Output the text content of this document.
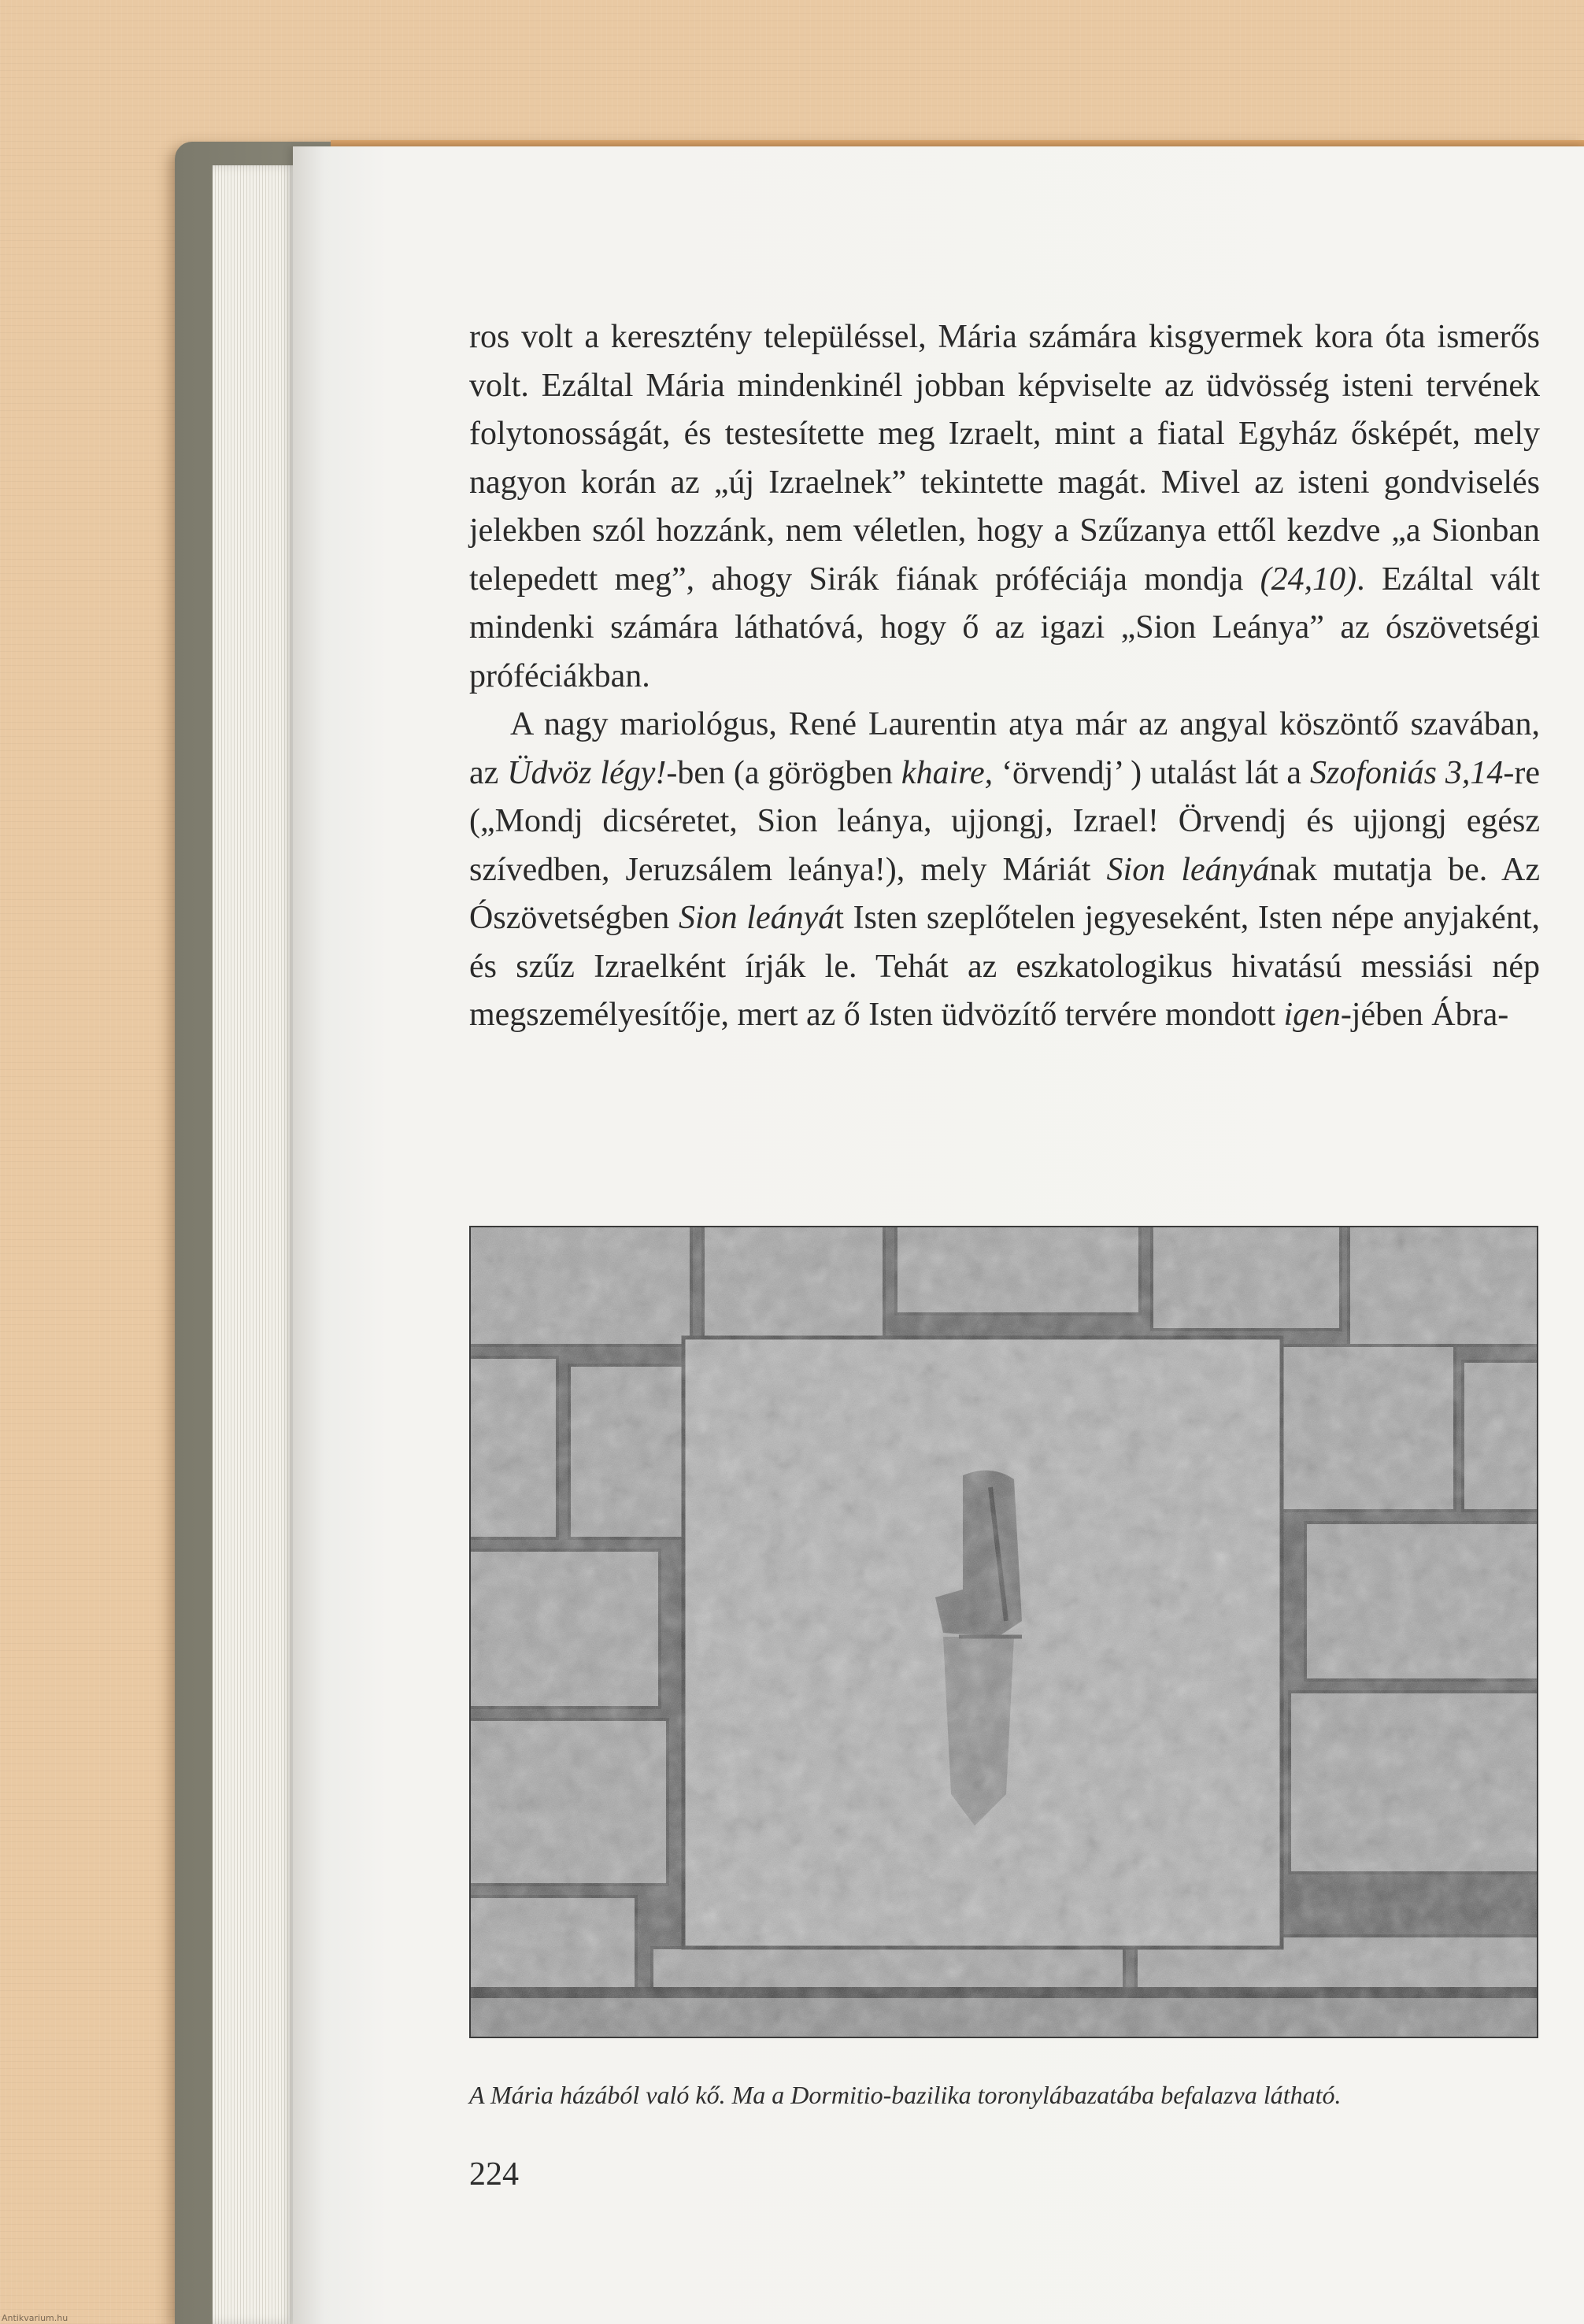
ros volt a keresztény településsel, Mária számára kisgyermek kora óta ismerős volt. Ezáltal Mária mindenkinél jobban képviselte az üdvösség isteni tervének folytonosságát, és testesítette meg Izraelt, mint a fiatal Egyház ősképét, mely nagyon korán az „új Izraelnek” tekintette magát. Mivel az isteni gondviselés jelekben szól hozzánk, nem véletlen, hogy a Szűzanya ettől kezdve „a Sionban telepedett meg”, ahogy Sirák fiának próféciája mondja (24,10). Ezáltal vált mindenki számára láthatóvá, hogy ő az igazi „Sion Leánya” az ószövetségi próféciákban.

A nagy mariológus, René Laurentin atya már az angyal köszöntő szavában, az Üdvöz légy!-ben (a görögben khaire, ‘örvendj’ ) utalást lát a Szofoniás 3,14-re („Mondj dicséretet, Sion leánya, ujjongj, Izrael! Örvendj és ujjongj egész szívedben, Jeruzsálem leánya!), mely Máriát Sion leányának mutatja be. Az Ószövetségben Sion leányát Isten szeplőtelen jegyeseként, Isten népe anyjaként, és szűz Izraelként írják le. Tehát az eszkatologikus hivatású messiási nép megszemélyesítője, mert az ő Isten üdvözítő tervére mondott igen-jében Ábra-

A Mária házából való kő. Ma a Dormitio-bazilika toronylábazatába befalazva látható.
224
Antikvarium.hu
